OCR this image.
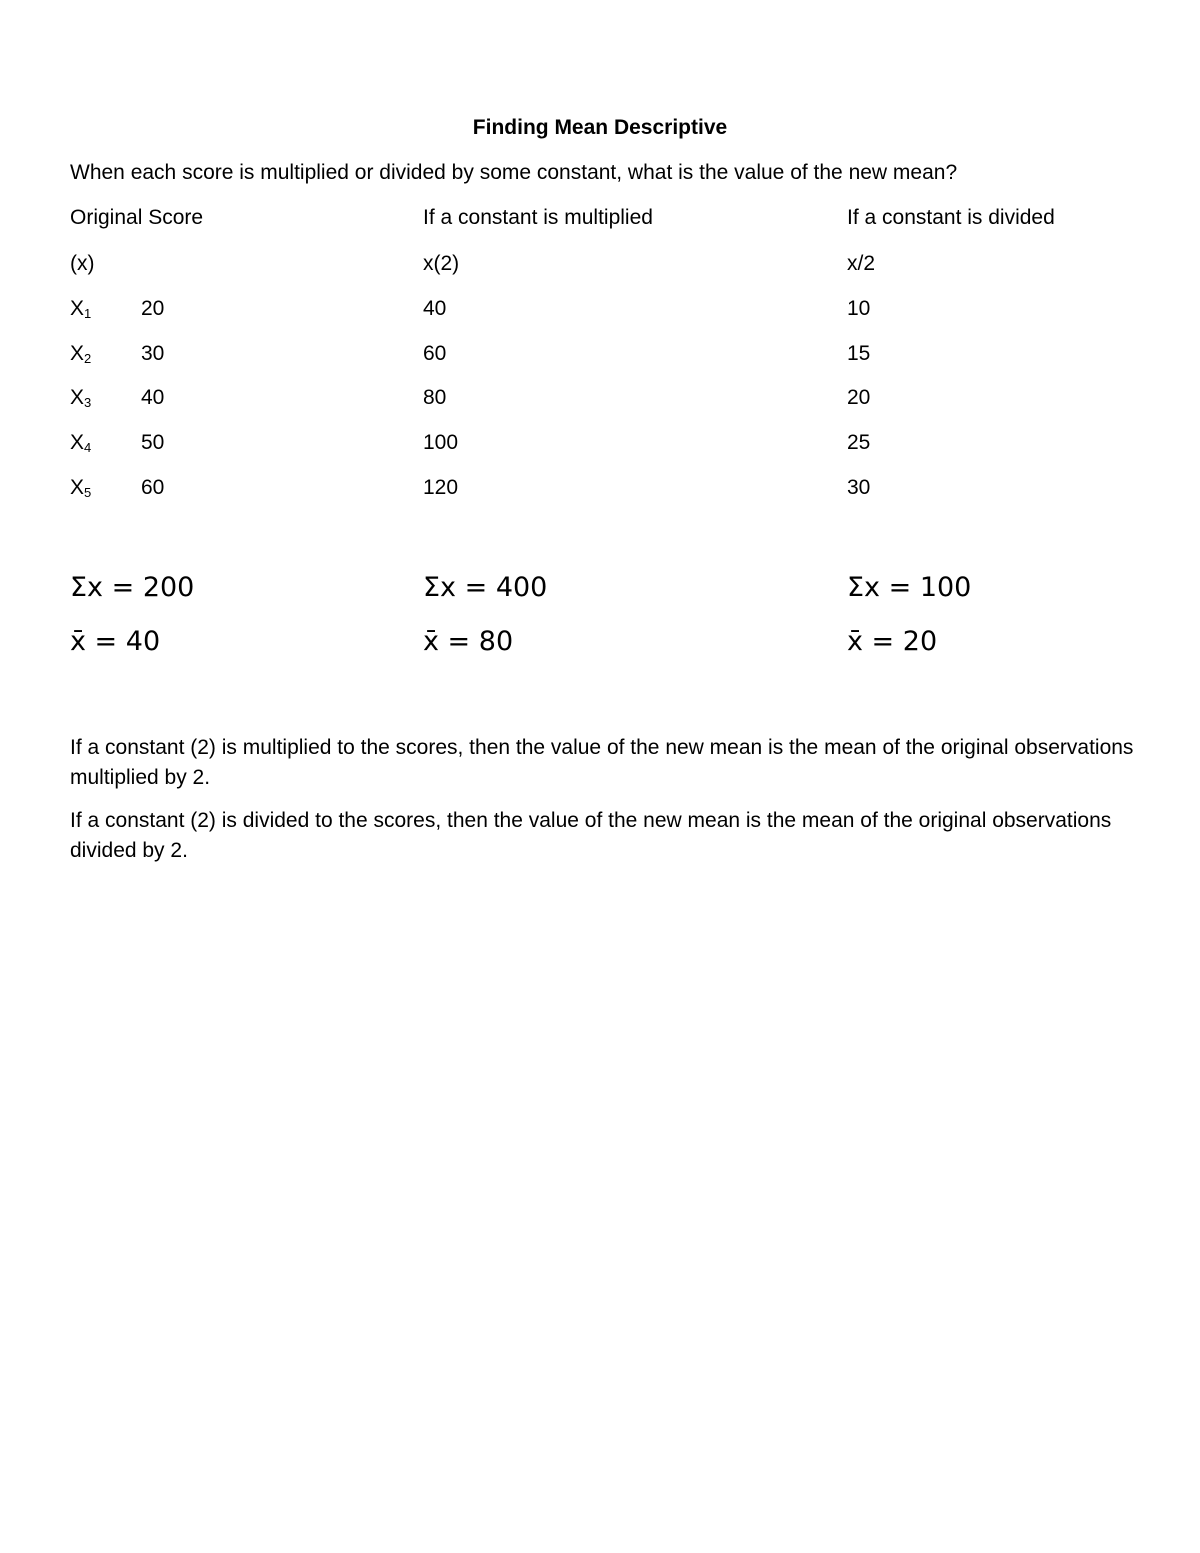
Finding Mean Descriptive
When each score is multiplied or divided by some constant, what is the value of the new mean?
Original Score	If a constant is multiplied	If a constant is divided
(x)	x(2)	x/2
$X_1$ 20	40	10
$X_2$ 30	60	15
$X_3$ 40	80	20
$X_4$ 50	100	25
$X_5$ 60	120	30
Σx = 200	Σx = 400	Σx = 100
x̄ = 40	x̄ = 80	x̄ = 20
If a constant (2) is multiplied to the scores, then the value of the new mean is the mean of the original observations multiplied by 2.
If a constant (2) is divided to the scores, then the value of the new mean is the mean of the original observations divided by 2.
